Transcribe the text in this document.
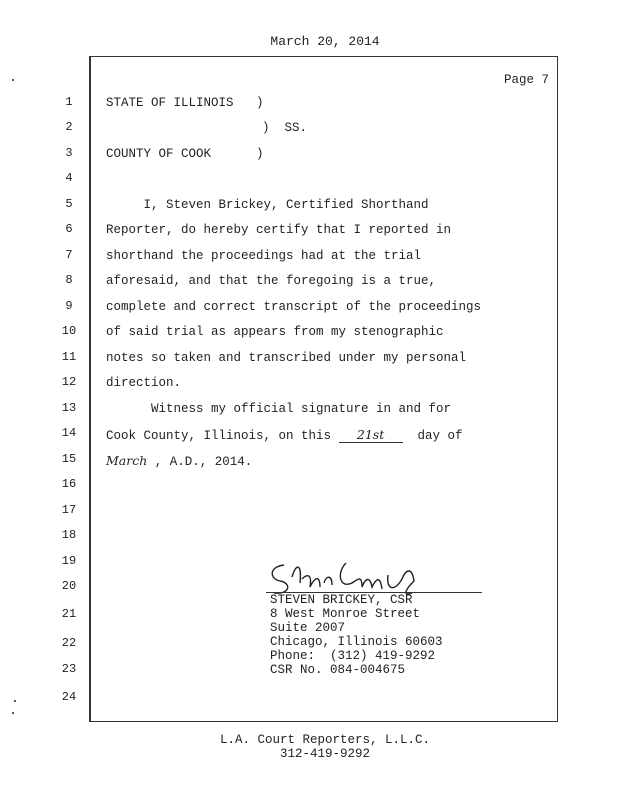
March 20, 2014
Page 7
1
2
3
4
5
6
7
8
9
10
11
12
13
14
15
16
17
18
19
20
21
22
23
24
STATE OF ILLINOIS   )
)  SS.
COUNTY OF COOK      )
I, Steven Brickey, Certified Shorthand
Reporter, do hereby certify that I reported in
shorthand the proceedings had at the trial
aforesaid, and that the foregoing is a true,
complete and correct transcript of the proceedings
of said trial as appears from my stenographic
notes so taken and transcribed under my personal
direction.
Witness my official signature in and for
Cook County, Illinois, on this 21st  day of
March , A.D., 2014.
STEVEN BRICKEY, CSR
8 West Monroe Street
Suite 2007
Chicago, Illinois 60603
Phone:  (312) 419-9292
CSR No. 084-004675
L.A. Court Reporters, L.L.C.
312-419-9292
